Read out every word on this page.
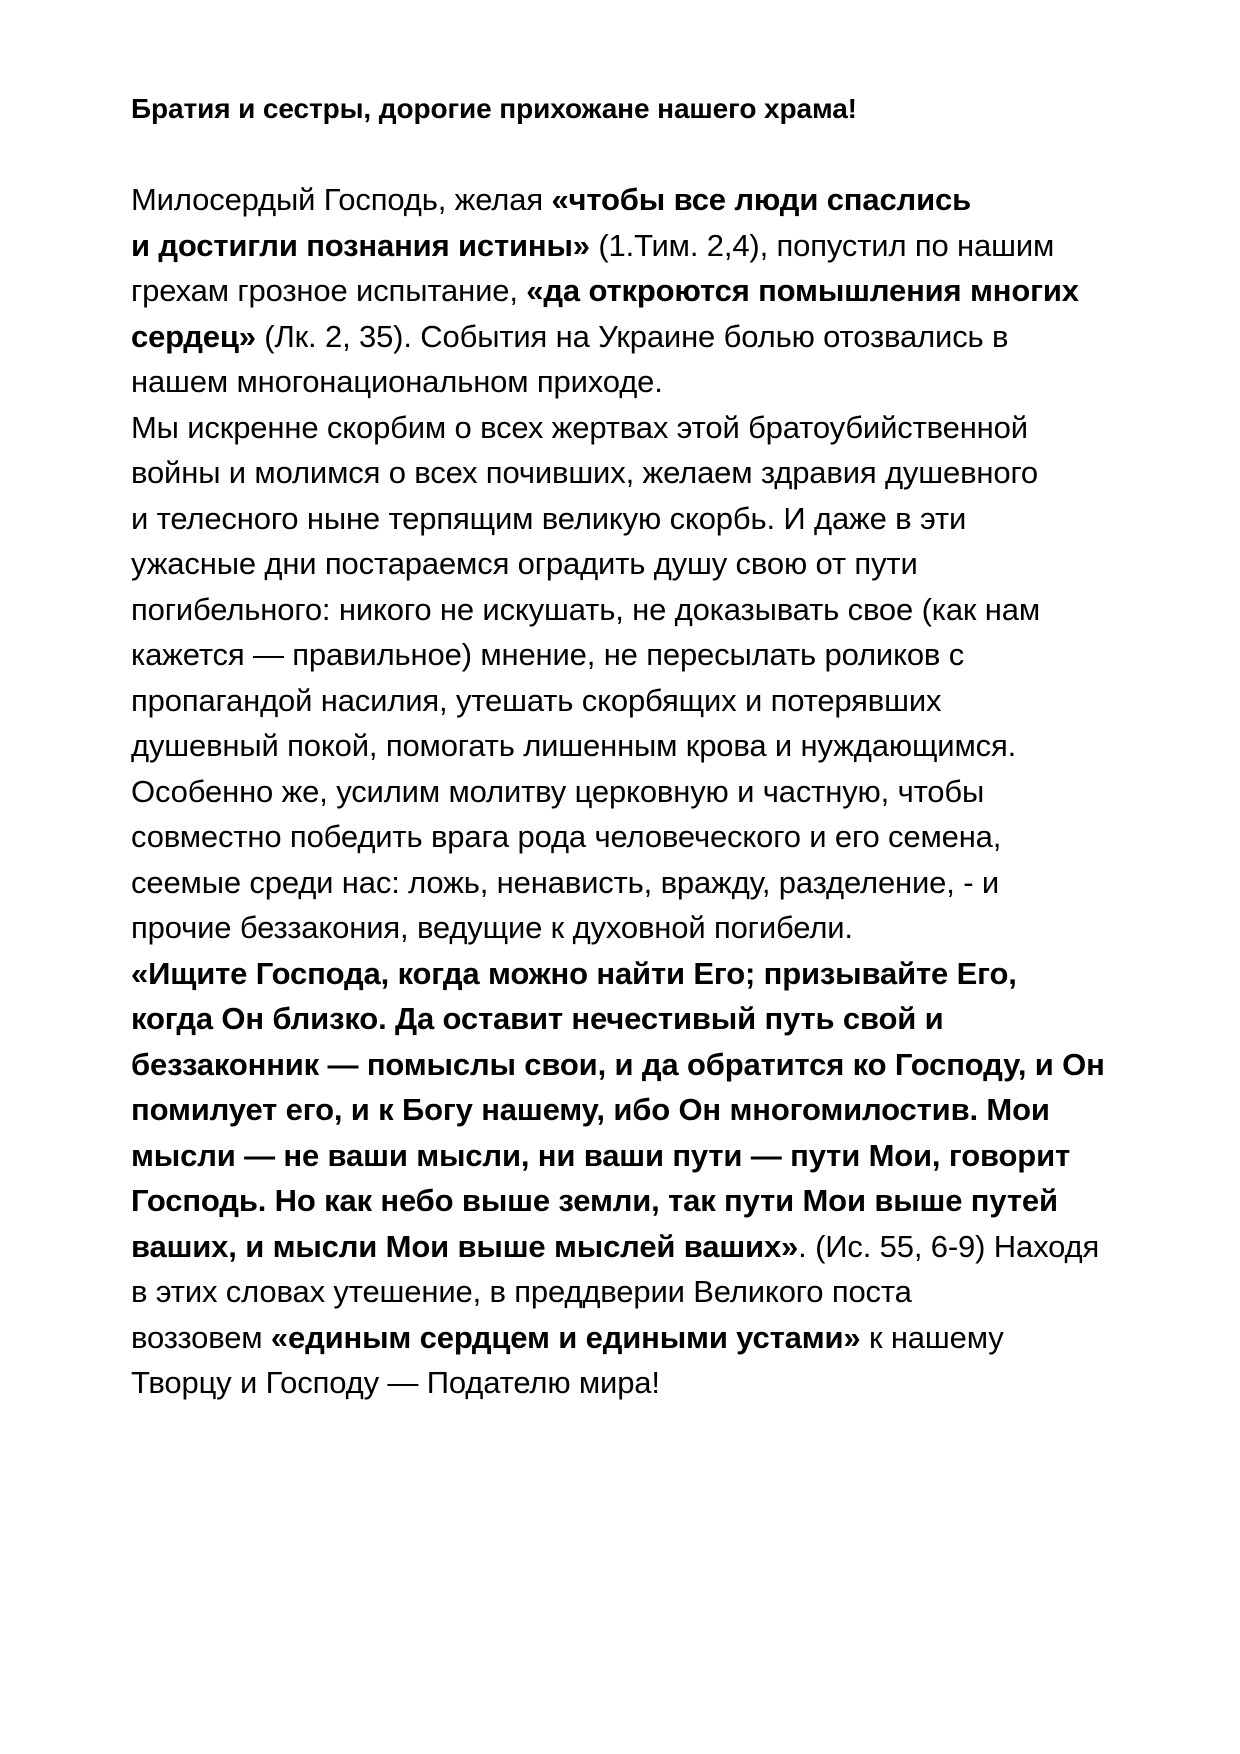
Братия и сестры, дорогие прихожане нашего храма!

Милосердый Господь, желая «чтобы все люди спаслись
и достигли познания истины» (1.Тим. 2,4), попустил по нашим
грехам грозное испытание, «да откроются помышления многих
сердец» (Лк. 2, 35). События на Украине болью отозвались в
нашем многонациональном приходе.
Мы искренне скорбим о всех жертвах этой братоубийственной
войны и молимся о всех почивших, желаем здравия душевного
и телесного ныне терпящим великую скорбь. И даже в эти
ужасные дни постараемся оградить душу свою от пути
погибельного: никого не искушать, не доказывать свое (как нам
кажется — правильное) мнение, не пересылать роликов с
пропагандой насилия, утешать скорбящих и потерявших
душевный покой, помогать лишенным крова и нуждающимся.
Особенно же, усилим молитву церковную и частную, чтобы
совместно победить врага рода человеческого и его семена,
сеемые среди нас: ложь, ненависть, вражду, разделение, - и
прочие беззакония, ведущие к духовной погибели.
«Ищите Господа, когда можно найти Его; призывайте Его,
когда Он близко. Да оставит нечестивый путь свой и
беззаконник — помыслы свои, и да обратится ко Господу, и Он
помилует его, и к Богу нашему, ибо Он многомилостив. Мои
мысли — не ваши мысли, ни ваши пути — пути Мои, говорит
Господь. Но как небо выше земли, так пути Мои выше путей
ваших, и мысли Мои выше мыслей ваших». (Ис. 55, 6-9) Находя
в этих словах утешение, в преддверии Великого поста
воззовем «единым сердцем и едиными устами» к нашему
Творцу и Господу — Подателю мира!
